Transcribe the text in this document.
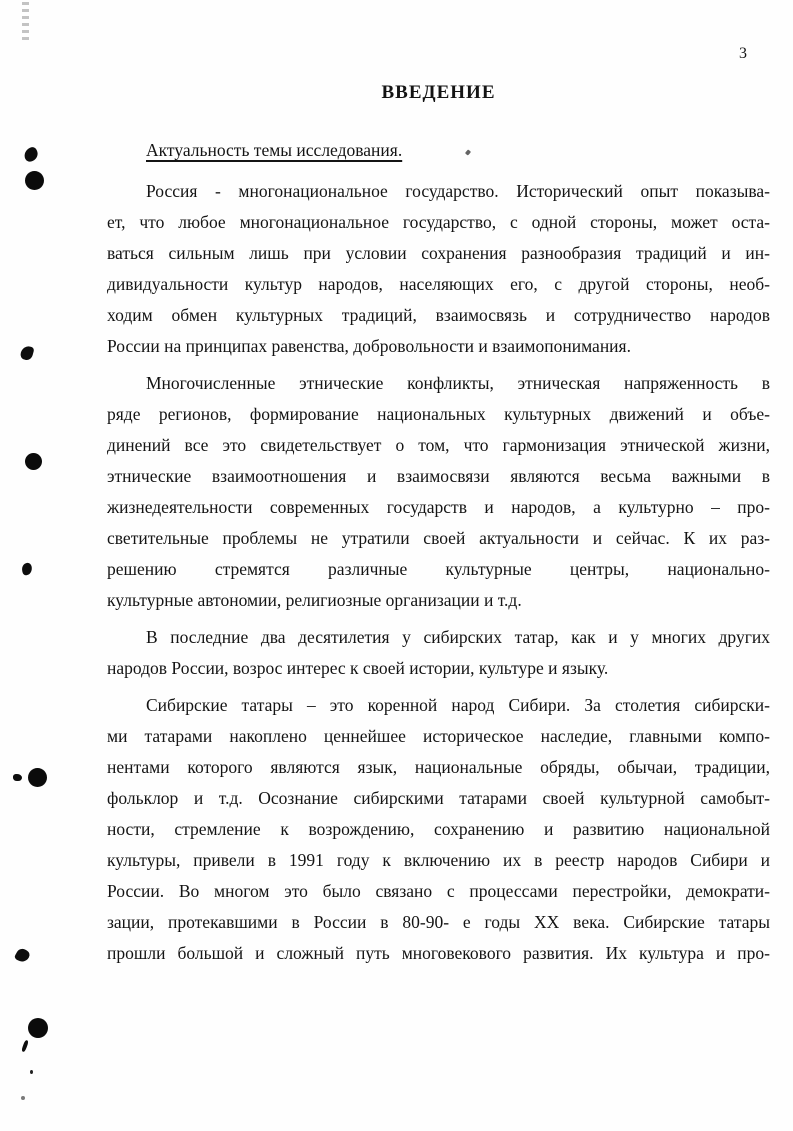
3
ВВЕДЕНИЕ
Актуальность темы исследования.
Россия - многонациональное государство. Исторический опыт показыва-
ет, что любое многонациональное государство, с одной стороны, может оста-
ваться сильным лишь при условии сохранения разнообразия традиций и ин-
дивидуальности культур народов, населяющих его, с другой стороны, необ-
ходим обмен культурных традиций, взаимосвязь и сотрудничество народов
России на принципах равенства, добровольности и взаимопонимания.
Многочисленные этнические конфликты, этническая напряженность в
ряде регионов, формирование национальных культурных движений и объе-
динений все это свидетельствует о том, что гармонизация этнической жизни,
этнические взаимоотношения и взаимосвязи являются весьма важными в
жизнедеятельности современных государств и народов, а культурно – про-
светительные проблемы не утратили своей актуальности и сейчас. К их раз-
решению стремятся различные культурные центры, национально-
культурные автономии, религиозные организации и т.д.
В последние два десятилетия у сибирских татар, как и у многих других
народов России, возрос интерес к своей истории, культуре и языку.
Сибирские татары – это коренной народ Сибири. За столетия сибирски-
ми татарами накоплено ценнейшее историческое наследие, главными компо-
нентами которого являются язык, национальные обряды, обычаи, традиции,
фольклор и т.д. Осознание сибирскими татарами своей культурной самобыт-
ности, стремление к возрождению, сохранению и развитию национальной
культуры, привели в 1991 году к включению их в реестр народов Сибири и
России. Во многом это было связано с процессами перестройки, демократи-
зации, протекавшими в России в 80-90- е годы XX века. Сибирские татары
прошли большой и сложный путь многовекового развития. Их культура и про-
